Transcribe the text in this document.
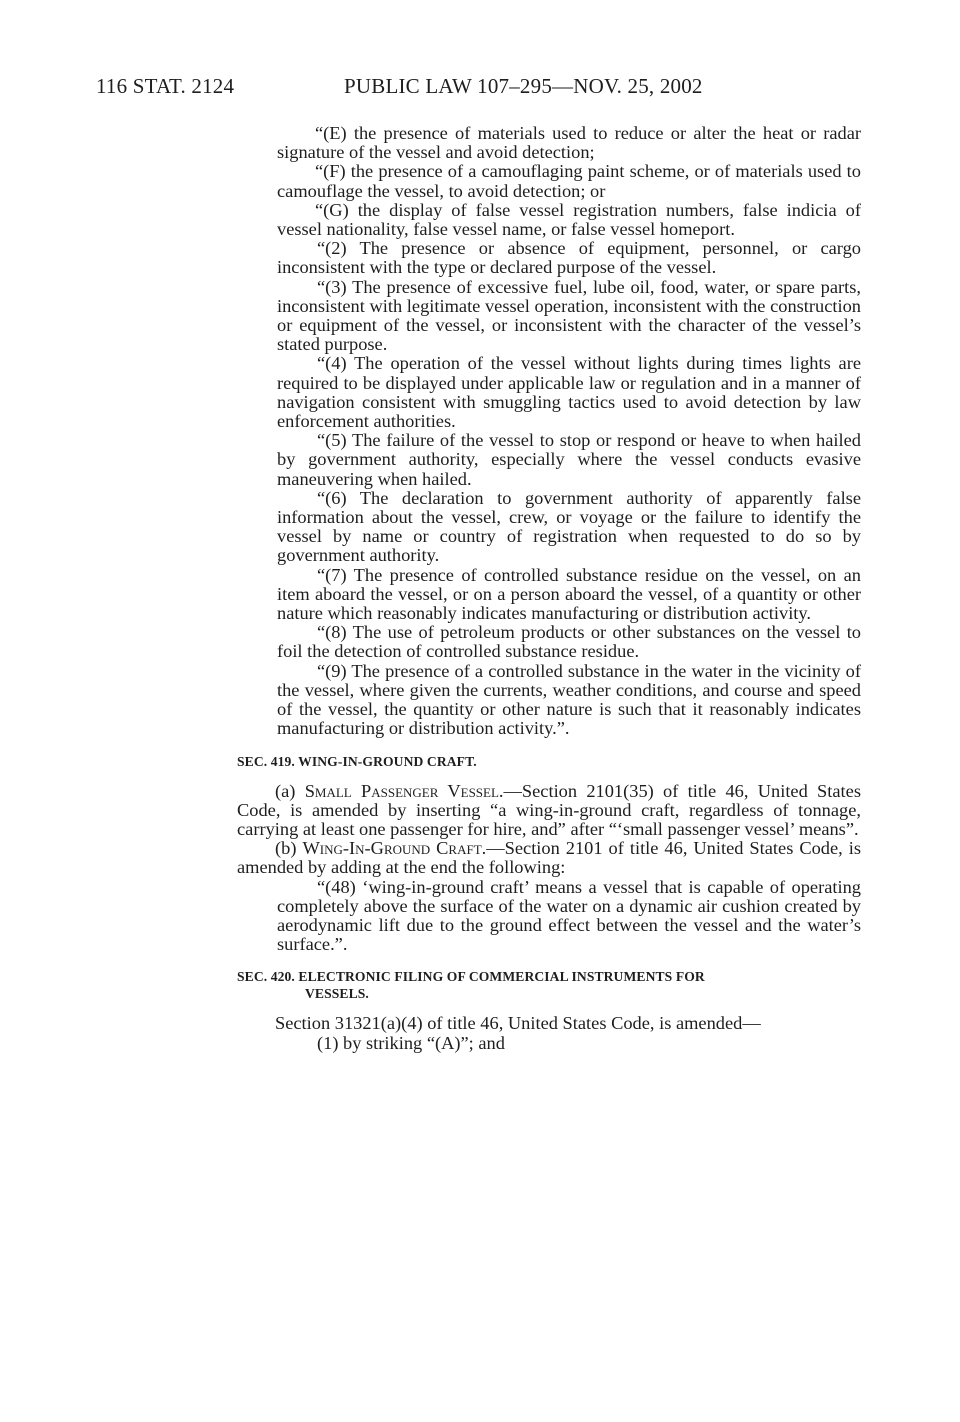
116 STAT. 2124	PUBLIC LAW 107–295—NOV. 25, 2002

“(E) the presence of materials used to reduce or alter the heat or radar signature of the vessel and avoid detection;

“(F) the presence of a camouflaging paint scheme, or of materials used to camouflage the vessel, to avoid detection; or

“(G) the display of false vessel registration numbers, false indicia of vessel nationality, false vessel name, or false vessel homeport.

“(2) The presence or absence of equipment, personnel, or cargo inconsistent with the type or declared purpose of the vessel.

“(3) The presence of excessive fuel, lube oil, food, water, or spare parts, inconsistent with legitimate vessel operation, inconsistent with the construction or equipment of the vessel, or inconsistent with the character of the vessel’s stated purpose.

“(4) The operation of the vessel without lights during times lights are required to be displayed under applicable law or regulation and in a manner of navigation consistent with smuggling tactics used to avoid detection by law enforcement authorities.

“(5) The failure of the vessel to stop or respond or heave to when hailed by government authority, especially where the vessel conducts evasive maneuvering when hailed.

“(6) The declaration to government authority of apparently false information about the vessel, crew, or voyage or the failure to identify the vessel by name or country of registration when requested to do so by government authority.

“(7) The presence of controlled substance residue on the vessel, on an item aboard the vessel, or on a person aboard the vessel, of a quantity or other nature which reasonably indicates manufacturing or distribution activity.

“(8) The use of petroleum products or other substances on the vessel to foil the detection of controlled substance residue.

“(9) The presence of a controlled substance in the water in the vicinity of the vessel, where given the currents, weather conditions, and course and speed of the vessel, the quantity or other nature is such that it reasonably indicates manufacturing or distribution activity.”.

SEC. 419. WING-IN-GROUND CRAFT.

(a) Small Passenger Vessel.—Section 2101(35) of title 46, United States Code, is amended by inserting “a wing-in-ground craft, regardless of tonnage, carrying at least one passenger for hire, and” after “‘small passenger vessel’ means”.

(b) Wing-In-Ground Craft.—Section 2101 of title 46, United States Code, is amended by adding at the end the following:

“(48) ‘wing-in-ground craft’ means a vessel that is capable of operating completely above the surface of the water on a dynamic air cushion created by aerodynamic lift due to the ground effect between the vessel and the water’s surface.”.

SEC. 420. ELECTRONIC FILING OF COMMERCIAL INSTRUMENTS FOR
VESSELS.

Section 31321(a)(4) of title 46, United States Code, is amended—

(1) by striking “(A)”; and
